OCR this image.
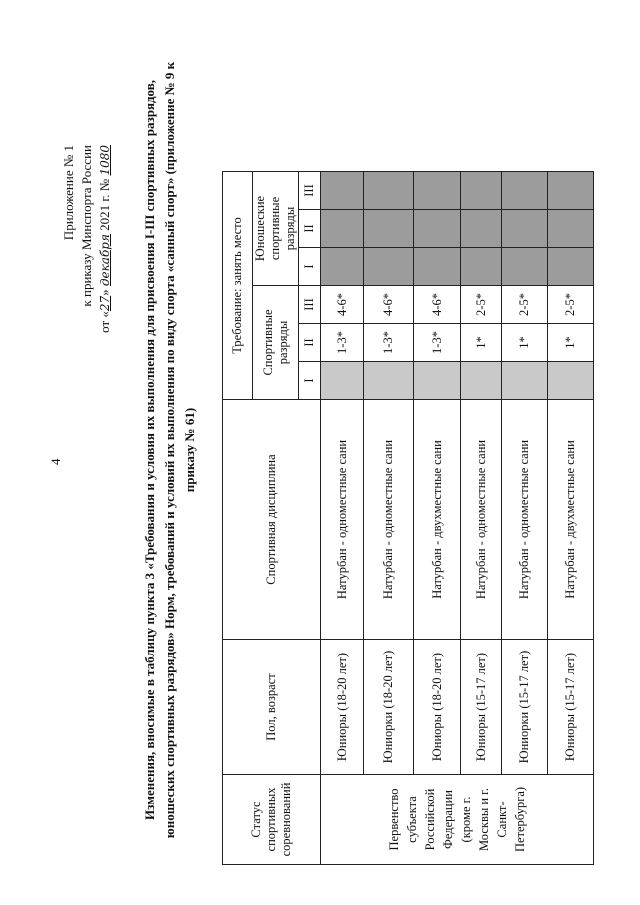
4
Приложение № 1 к приказу Минспорта России
от «27» декабря 2021 г. № 1080 Изменения, вносимые в таблицу пункта 3 «Требования и условия их выполнения для присвоения I-III спортивных разрядов, юношеских спортивных разрядов» Норм, требований и условий их выполнения по виду спорта «санный спорт» (приложение № 9 к приказу № 61)
Статус спортивных соревнований	Пол, возраст	Спортивная дисциплина	Требование: занять место					
			Спортивные разряды			Юношеские спортивные разряды		
			I	II	III	I	II	III
Первенство субъекта Российской Федерации (кроме г. Москвы и г. Санкт-Петербурга)	Юниоры (18-20 лет)	Натурбан - одноместные сани		1-3*	4-6*			
	Юниорки (18-20 лет)	Натурбан - одноместные сани		1-3*	4-6*			
	Юниоры (18-20 лет)	Натурбан - двухместные сани		1-3*	4-6*			
	Юниоры (15-17 лет)	Натурбан - одноместные сани		1*	2-5*			
	Юниорки (15-17 лет)	Натурбан - одноместные сани		1*	2-5*			
	Юниоры (15-17 лет)	Натурбан - двухместные сани		1*	2-5*			
